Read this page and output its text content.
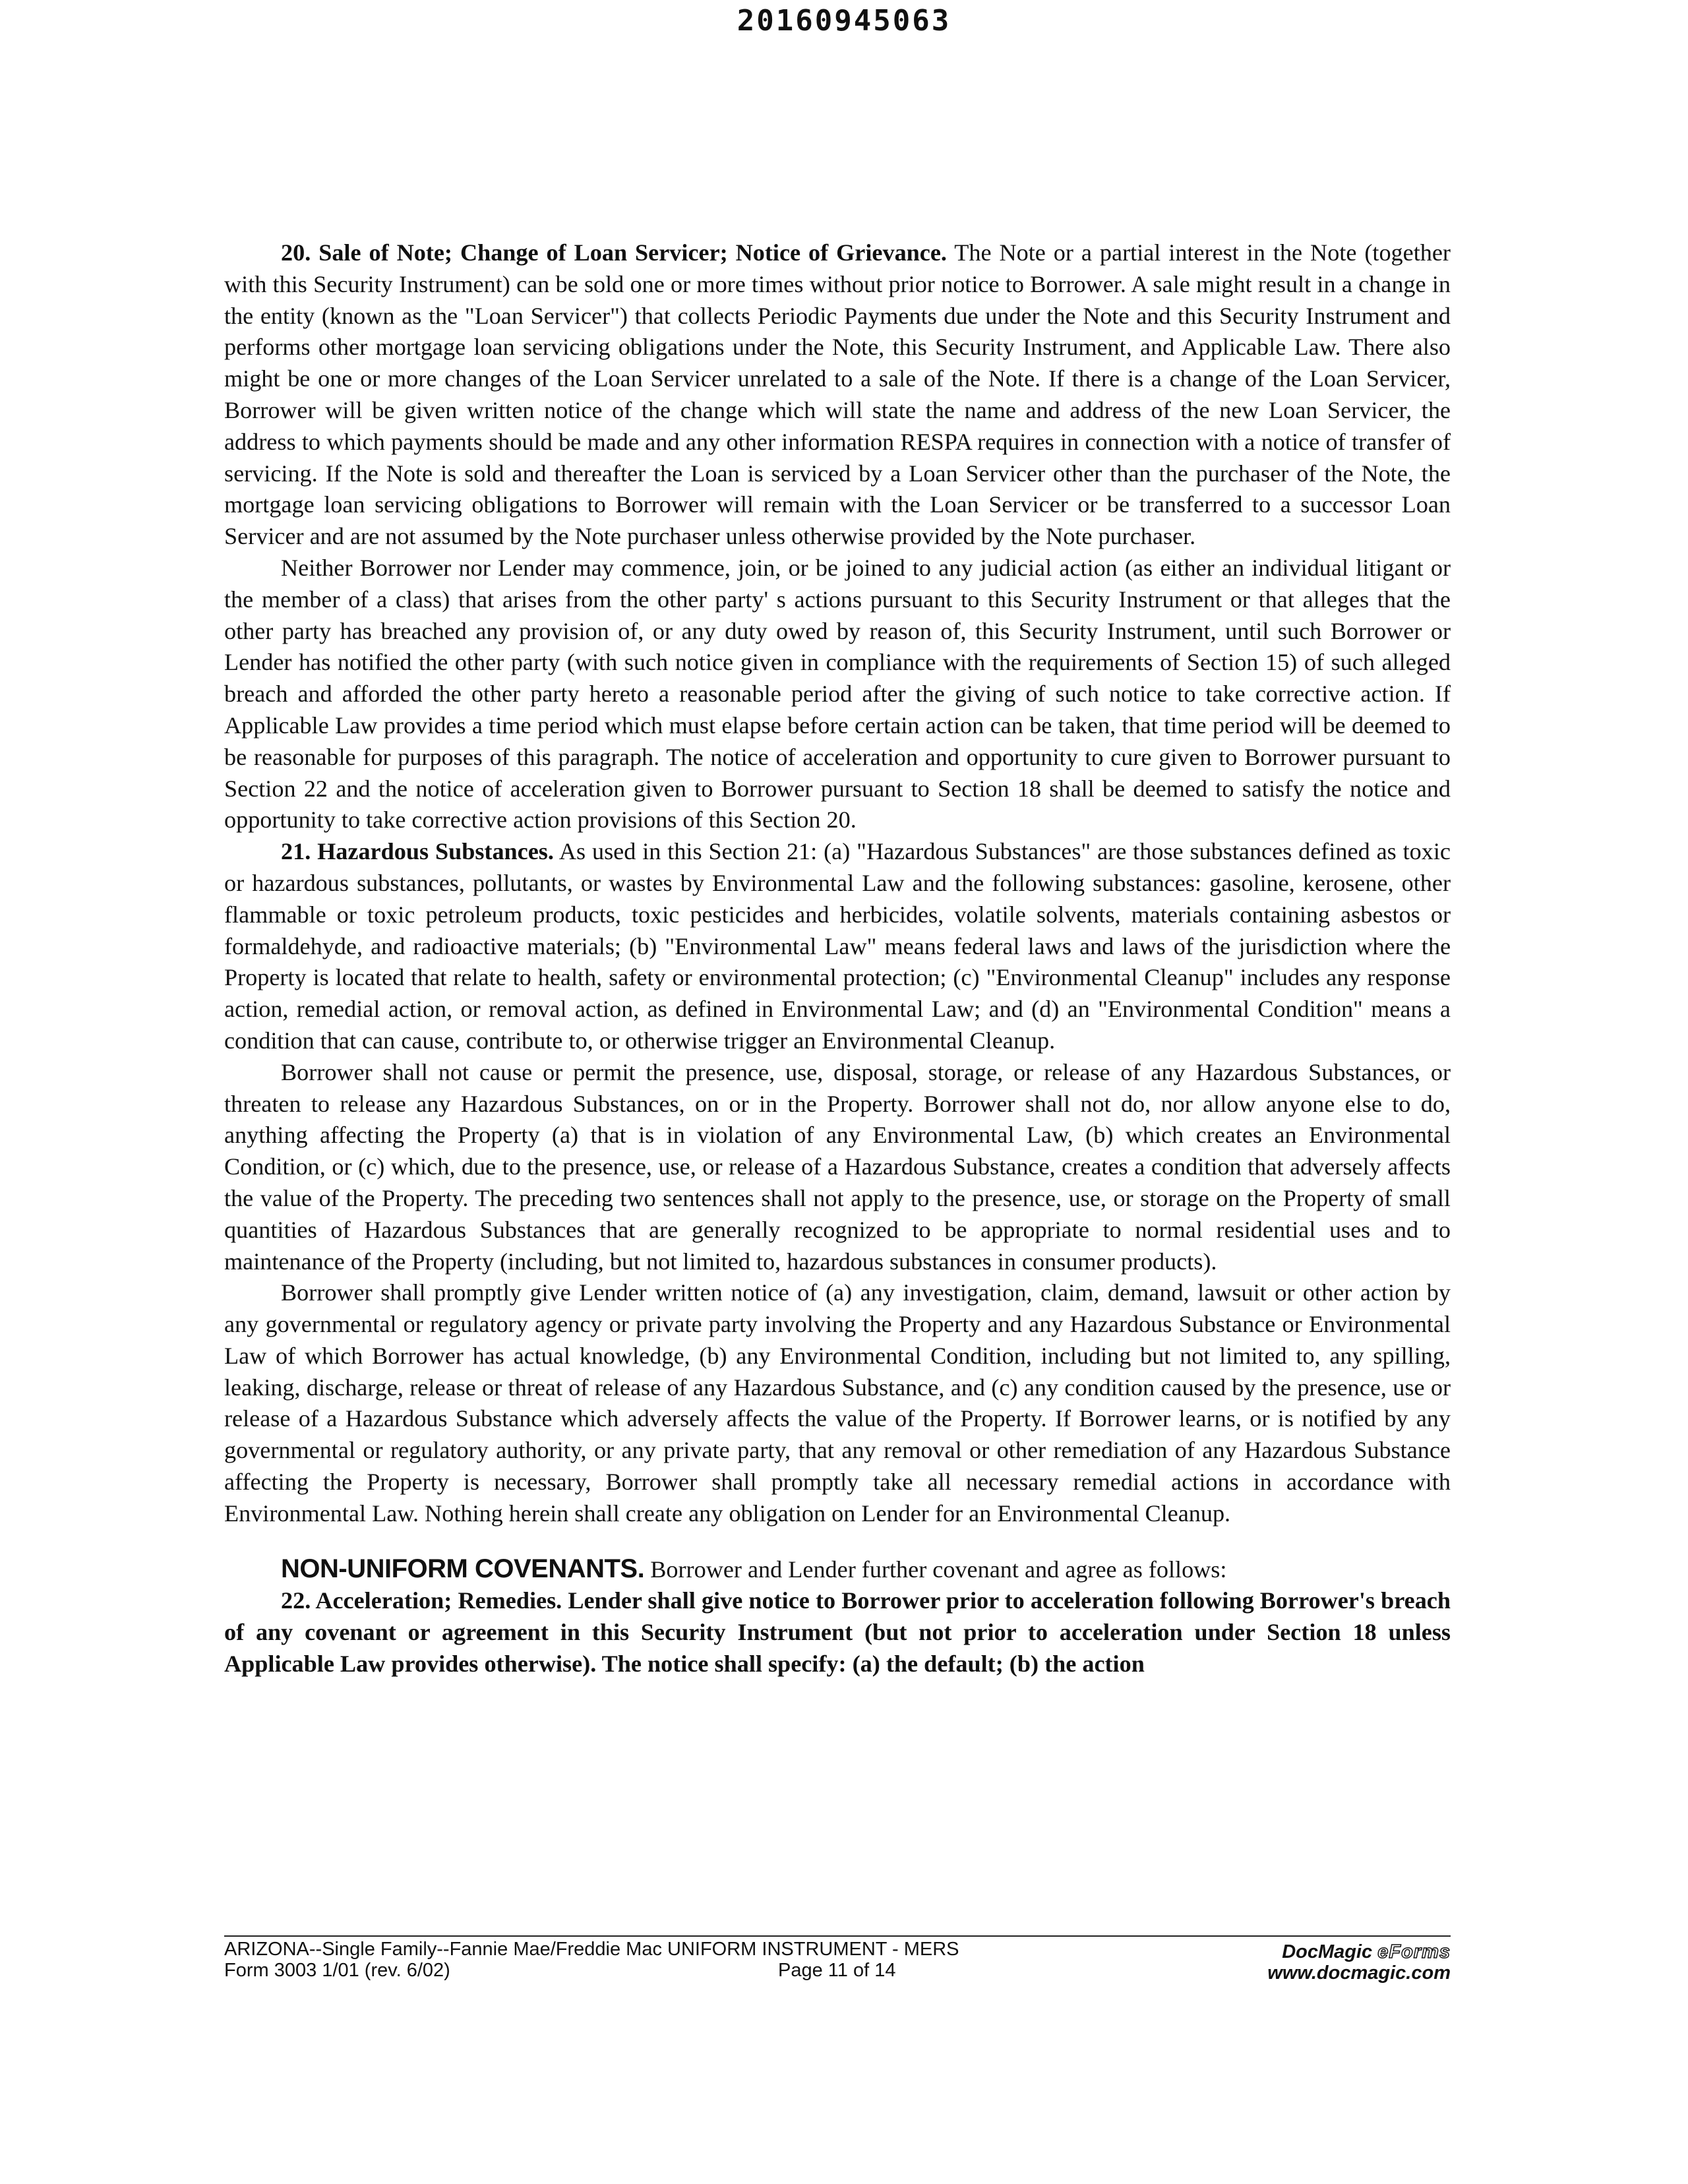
20160945063

20. Sale of Note; Change of Loan Servicer; Notice of Grievance. The Note or a partial interest in the Note (together with this Security Instrument) can be sold one or more times without prior notice to Borrower. A sale might result in a change in the entity (known as the "Loan Servicer") that collects Periodic Payments due under the Note and this Security Instrument and performs other mortgage loan servicing obligations under the Note, this Security Instrument, and Applicable Law. There also might be one or more changes of the Loan Servicer unrelated to a sale of the Note. If there is a change of the Loan Servicer, Borrower will be given written notice of the change which will state the name and address of the new Loan Servicer, the address to which payments should be made and any other information RESPA requires in connection with a notice of transfer of servicing. If the Note is sold and thereafter the Loan is serviced by a Loan Servicer other than the purchaser of the Note, the mortgage loan servicing obligations to Borrower will remain with the Loan Servicer or be transferred to a successor Loan Servicer and are not assumed by the Note purchaser unless otherwise provided by the Note purchaser.

Neither Borrower nor Lender may commence, join, or be joined to any judicial action (as either an individual litigant or the member of a class) that arises from the other party' s actions pursuant to this Security Instrument or that alleges that the other party has breached any provision of, or any duty owed by reason of, this Security Instrument, until such Borrower or Lender has notified the other party (with such notice given in compliance with the requirements of Section 15) of such alleged breach and afforded the other party hereto a reasonable period after the giving of such notice to take corrective action. If Applicable Law provides a time period which must elapse before certain action can be taken, that time period will be deemed to be reasonable for purposes of this paragraph. The notice of acceleration and opportunity to cure given to Borrower pursuant to Section 22 and the notice of acceleration given to Borrower pursuant to Section 18 shall be deemed to satisfy the notice and opportunity to take corrective action provisions of this Section 20.

21. Hazardous Substances. As used in this Section 21: (a) "Hazardous Substances" are those substances defined as toxic or hazardous substances, pollutants, or wastes by Environmental Law and the following substances: gasoline, kerosene, other flammable or toxic petroleum products, toxic pesticides and herbicides, volatile solvents, materials containing asbestos or formaldehyde, and radioactive materials; (b) "Environmental Law" means federal laws and laws of the jurisdiction where the Property is located that relate to health, safety or environmental protection; (c) "Environmental Cleanup" includes any response action, remedial action, or removal action, as defined in Environmental Law; and (d) an "Environmental Condition" means a condition that can cause, contribute to, or otherwise trigger an Environmental Cleanup.

Borrower shall not cause or permit the presence, use, disposal, storage, or release of any Hazardous Substances, or threaten to release any Hazardous Substances, on or in the Property. Borrower shall not do, nor allow anyone else to do, anything affecting the Property (a) that is in violation of any Environmental Law, (b) which creates an Environmental Condition, or (c) which, due to the presence, use, or release of a Hazardous Substance, creates a condition that adversely affects the value of the Property. The preceding two sentences shall not apply to the presence, use, or storage on the Property of small quantities of Hazardous Substances that are generally recognized to be appropriate to normal residential uses and to maintenance of the Property (including, but not limited to, hazardous substances in consumer products).

Borrower shall promptly give Lender written notice of (a) any investigation, claim, demand, lawsuit or other action by any governmental or regulatory agency or private party involving the Property and any Hazardous Substance or Environmental Law of which Borrower has actual knowledge, (b) any Environmental Condition, including but not limited to, any spilling, leaking, discharge, release or threat of release of any Hazardous Substance, and (c) any condition caused by the presence, use or release of a Hazardous Substance which adversely affects the value of the Property. If Borrower learns, or is notified by any governmental or regulatory authority, or any private party, that any removal or other remediation of any Hazardous Substance affecting the Property is necessary, Borrower shall promptly take all necessary remedial actions in accordance with Environmental Law. Nothing herein shall create any obligation on Lender for an Environmental Cleanup.

NON-UNIFORM COVENANTS. Borrower and Lender further covenant and agree as follows:

22. Acceleration; Remedies. Lender shall give notice to Borrower prior to acceleration following Borrower's breach of any covenant or agreement in this Security Instrument (but not prior to acceleration under Section 18 unless Applicable Law provides otherwise). The notice shall specify: (a) the default; (b) the action

ARIZONA--Single Family--Fannie Mae/Freddie Mac UNIFORM INSTRUMENT - MERS
Form 3003 1/01 (rev. 6/02)	Page 11 of 14
DocMagic eForms
www.docmagic.com
